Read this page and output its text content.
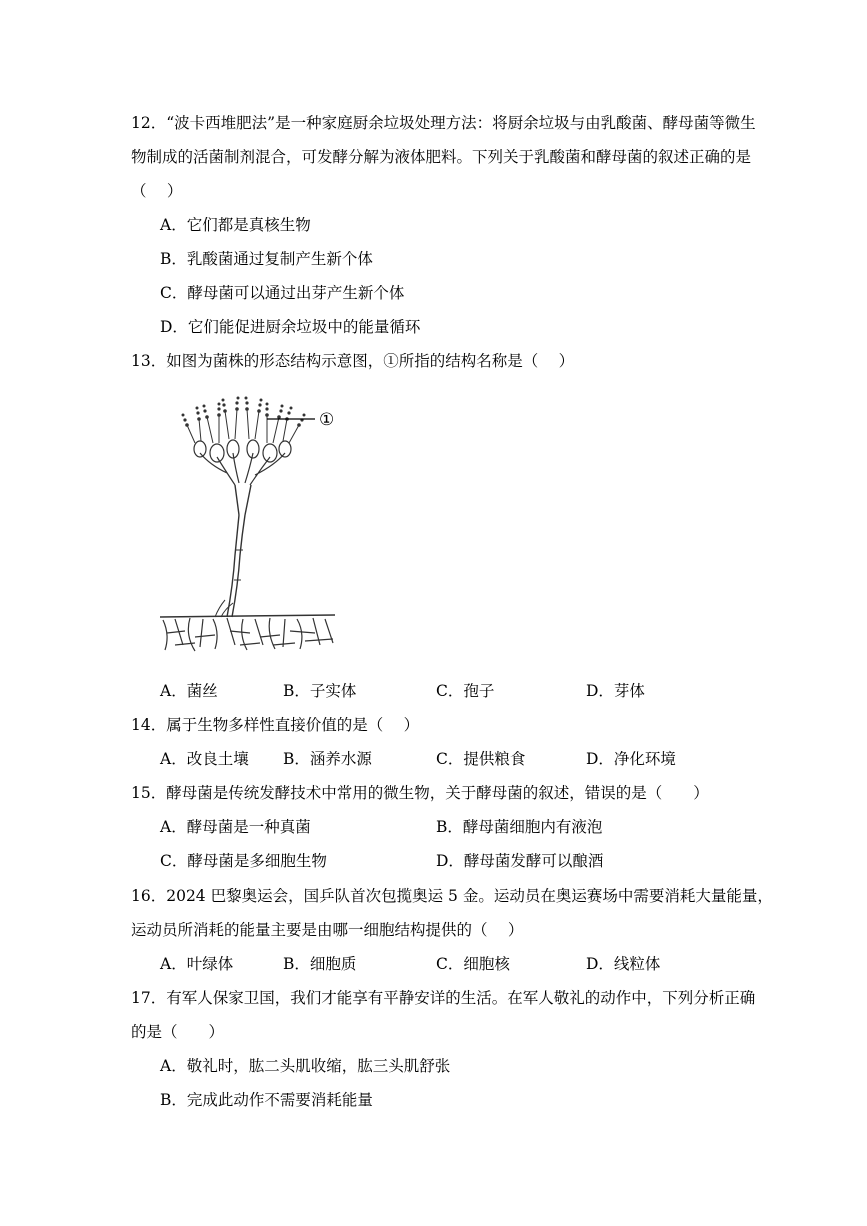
12．“波卡西堆肥法”是一种家庭厨余垃圾处理方法：将厨余垃圾与由乳酸菌、酵母菌等微生
物制成的活菌制剂混合，可发酵分解为液体肥料。下列关于乳酸菌和酵母菌的叙述正确的是
（　 ）
A．它们都是真核生物
B．乳酸菌通过复制产生新个体
C．酵母菌可以通过出芽产生新个体
D．它们能促进厨余垃圾中的能量循环
13．如图为菌株的形态结构示意图，①所指的结构名称是（　 ）
①
A．菌丝	B．子实体	C．孢子	D．芽体
14．属于生物多样性直接价值的是（　 ）
A．改良土壤 B．涵养水源	C．提供粮食	D．净化环境
15．酵母菌是传统发酵技术中常用的微生物，关于酵母菌的叙述，错误的是（　　）
A．酵母菌是一种真菌	B．酵母菌细胞内有液泡
C．酵母菌是多细胞生物	D．酵母菌发酵可以酿酒
16．2024 巴黎奥运会，国乒队首次包揽奥运 5 金。运动员在奥运赛场中需要消耗大量能量，
运动员所消耗的能量主要是由哪一细胞结构提供的（　 ）
A．叶绿体	B．细胞质	C．细胞核	D．线粒体
17．有军人保家卫国，我们才能享有平静安详的生活。在军人敬礼的动作中，下列分析正确
的是（　　）
A．敬礼时，肱二头肌收缩，肱三头肌舒张
B．完成此动作不需要消耗能量
